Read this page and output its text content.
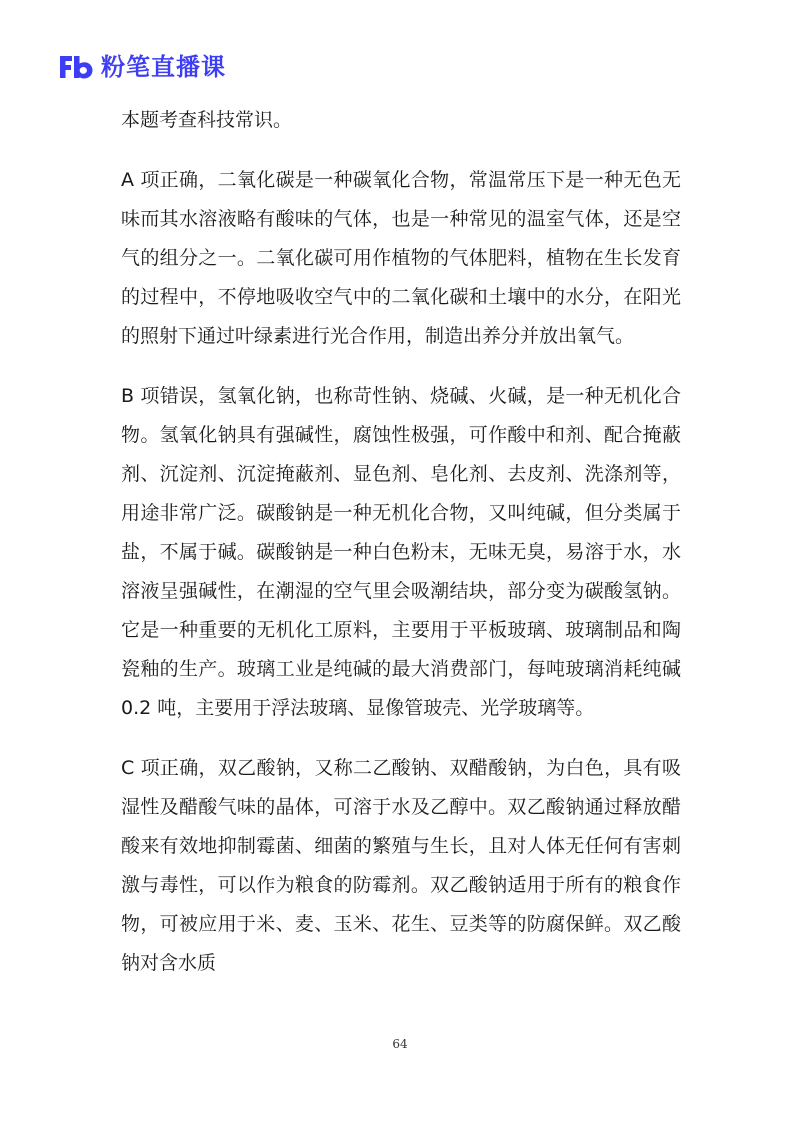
粉笔直播课

本题考查科技常识。

A 项正确，二氧化碳是一种碳氧化合物，常温常压下是一种无色无味而其水溶液略有酸味的气体，也是一种常见的温室气体，还是空气的组分之一。二氧化碳可用作植物的气体肥料，植物在生长发育的过程中，不停地吸收空气中的二氧化碳和土壤中的水分，在阳光的照射下通过叶绿素进行光合作用，制造出养分并放出氧气。

B 项错误，氢氧化钠，也称苛性钠、烧碱、火碱，是一种无机化合物。氢氧化钠具有强碱性，腐蚀性极强，可作酸中和剂、配合掩蔽剂、沉淀剂、沉淀掩蔽剂、显色剂、皂化剂、去皮剂、洗涤剂等，用途非常广泛。碳酸钠是一种无机化合物，又叫纯碱，但分类属于盐，不属于碱。碳酸钠是一种白色粉末，无味无臭，易溶于水，水溶液呈强碱性，在潮湿的空气里会吸潮结块，部分变为碳酸氢钠。它是一种重要的无机化工原料，主要用于平板玻璃、玻璃制品和陶瓷釉的生产。玻璃工业是纯碱的最大消费部门，每吨玻璃消耗纯碱 0.2 吨，主要用于浮法玻璃、显像管玻壳、光学玻璃等。

C 项正确，双乙酸钠，又称二乙酸钠、双醋酸钠，为白色，具有吸湿性及醋酸气味的晶体，可溶于水及乙醇中。双乙酸钠通过释放醋酸来有效地抑制霉菌、细菌的繁殖与生长，且对人体无任何有害刺激与毒性，可以作为粮食的防霉剂。双乙酸钠适用于所有的粮食作物，可被应用于米、麦、玉米、花生、豆类等的防腐保鲜。双乙酸钠对含水质

64
